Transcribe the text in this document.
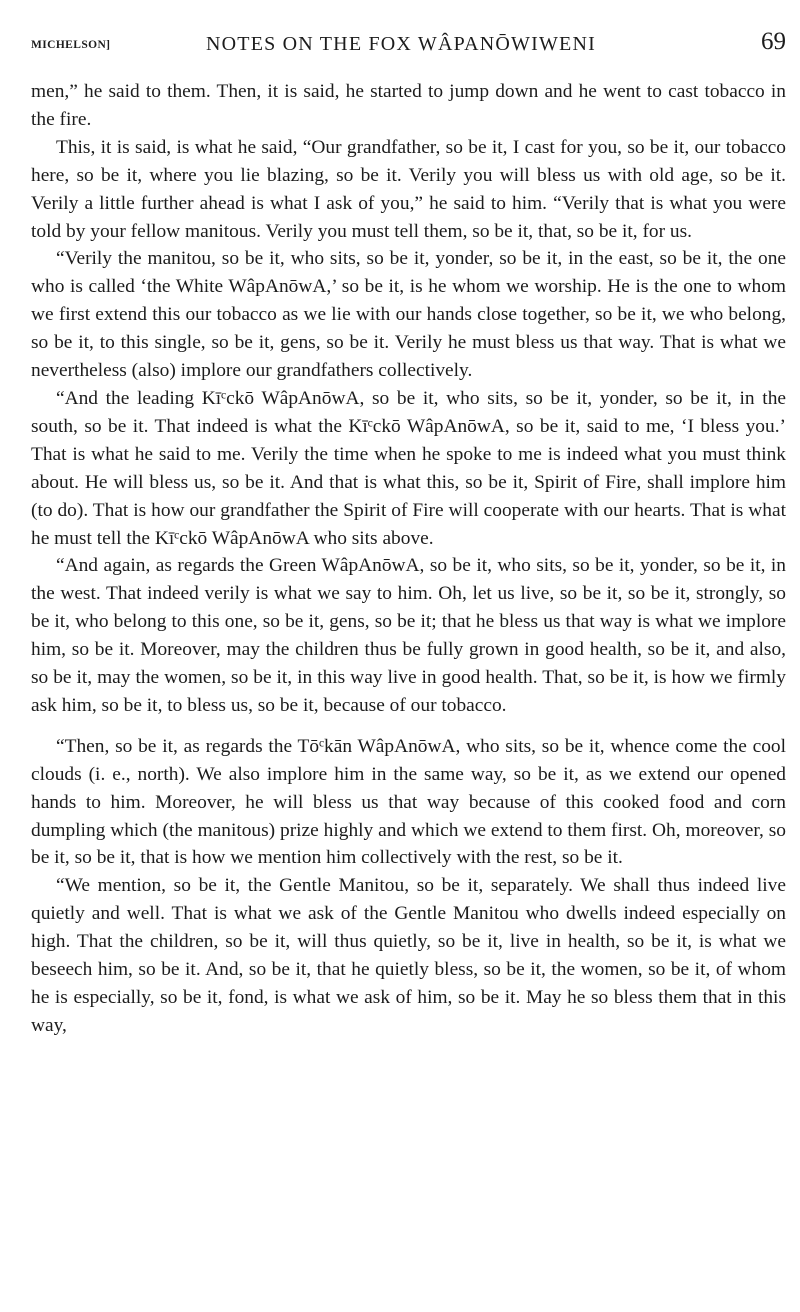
MICHELSON]	NOTES ON THE FOX WÂPANŌWIWENI	69

men,” he said to them. Then, it is said, he started to jump down and he went to cast tobacco in the fire.

This, it is said, is what he said, “Our grandfather, so be it, I cast for you, so be it, our tobacco here, so be it, where you lie blazing, so be it. Verily you will bless us with old age, so be it. Verily a little further ahead is what I ask of you,” he said to him. “Verily that is what you were told by your fellow manitous. Verily you must tell them, so be it, that, so be it, for us.

“Verily the manitou, so be it, who sits, so be it, yonder, so be it, in the east, so be it, the one who is called ‘the White WâpAnōwA,’ so be it, is he whom we worship. He is the one to whom we first extend this our tobacco as we lie with our hands close together, so be it, we who belong, so be it, to this single, so be it, gens, so be it. Verily he must bless us that way. That is what we nevertheless (also) implore our grandfathers collectively.

“And the leading Kīᶜckō WâpAnōwA, so be it, who sits, so be it, yonder, so be it, in the south, so be it. That indeed is what the Kīᶜckō WâpAnōwA, so be it, said to me, ‘I bless you.’ That is what he said to me. Verily the time when he spoke to me is indeed what you must think about. He will bless us, so be it. And that is what this, so be it, Spirit of Fire, shall implore him (to do). That is how our grandfather the Spirit of Fire will cooperate with our hearts. That is what he must tell the Kīᶜckō WâpAnōwA who sits above.

“And again, as regards the Green WâpAnōwA, so be it, who sits, so be it, yonder, so be it, in the west. That indeed verily is what we say to him. Oh, let us live, so be it, so be it, strongly, so be it, who belong to this one, so be it, gens, so be it; that he bless us that way is what we implore him, so be it. Moreover, may the children thus be fully grown in good health, so be it, and also, so be it, may the women, so be it, in this way live in good health. That, so be it, is how we firmly ask him, so be it, to bless us, so be it, because of our tobacco.

“Then, so be it, as regards the Tōᶜkān WâpAnōwA, who sits, so be it, whence come the cool clouds (i. e., north). We also implore him in the same way, so be it, as we extend our opened hands to him. Moreover, he will bless us that way because of this cooked food and corn dumpling which (the manitous) prize highly and which we extend to them first. Oh, moreover, so be it, so be it, that is how we mention him collectively with the rest, so be it.

“We mention, so be it, the Gentle Manitou, so be it, separately. We shall thus indeed live quietly and well. That is what we ask of the Gentle Manitou who dwells indeed especially on high. That the children, so be it, will thus quietly, so be it, live in health, so be it, is what we beseech him, so be it. And, so be it, that he quietly bless, so be it, the women, so be it, of whom he is especially, so be it, fond, is what we ask of him, so be it. May he so bless them that in this way,
